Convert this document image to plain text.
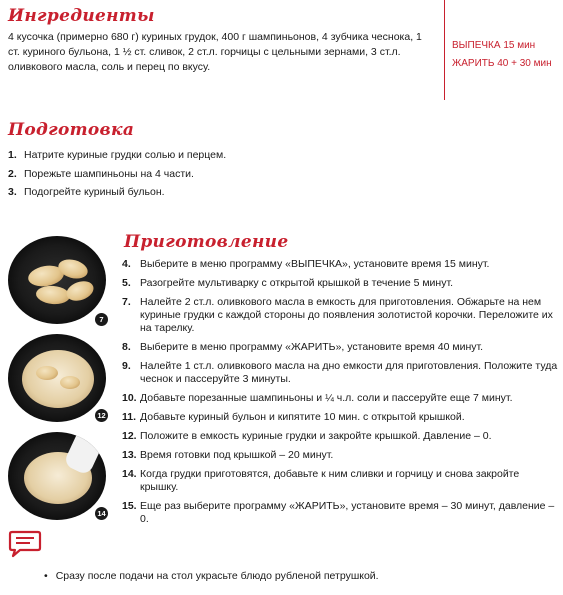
Ингредиенты
4 кусочка (примерно 680 г) куриных грудок, 400 г шампиньонов, 4 зубчика чеснока, 1 ст. куриного бульона, 1 ½ ст. сливок, 2 ст.л. горчицы с цельными зернами, 3 ст.л. оливкового масла, соль и перец по вкусу.
ВЫПЕЧКА 15 мин
ЖАРИТЬ 40 + 30 мин
Подготовка
1. Натрите куриные грудки солью и перцем.
2. Порежьте шампиньоны на 4 части.
3. Подогрейте куриный бульон.
7
12
14
Приготовление
4. Выберите в меню программу «ВЫПЕЧКА», установите время 15 минут.
5. Разогрейте мультиварку с открытой крышкой в течение 5 минут.
7. Налейте 2 ст.л. оливкового масла в емкость для приготовления. Обжарьте на нем куриные грудки с каждой стороны до появления золотистой корочки. Переложите их на тарелку.
8. Выберите в меню программу «ЖАРИТЬ», установите время 40 минут.
9. Налейте 1 ст.л. оливкового масла на дно емкости для приготовления. Положите туда чеснок и пассеруйте 3 минуты.
10. Добавьте порезанные шампиньоны и ¼ ч.л. соли и пассеруйте еще 7 минут.
11. Добавьте куриный бульон и кипятите 10 мин. с открытой крышкой.
12. Положите в емкость куриные грудки и закройте крышкой. Давление – 0.
13. Время готовки под крышкой – 20 минут.
14. Когда грудки приготовятся, добавьте к ним сливки и горчицу и снова закройте крышку.
15. Еще раз выберите программу «ЖАРИТЬ», установите время – 30 минут, давление – 0.
• Сразу после подачи на стол украсьте блюдо рубленой петрушкой.
